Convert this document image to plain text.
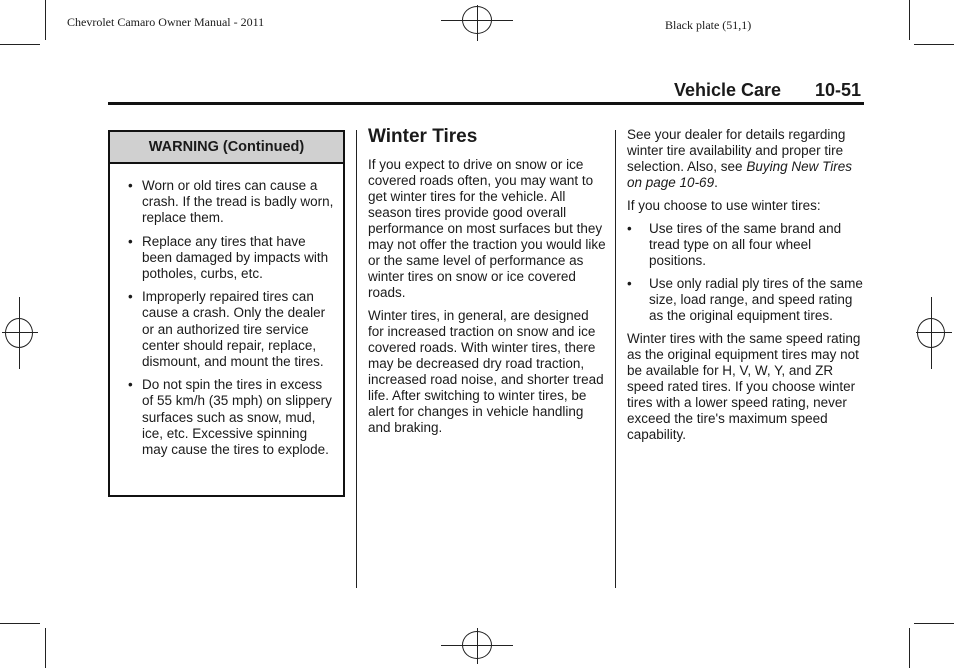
Chevrolet Camaro Owner Manual - 2011	Black plate (51,1)
Vehicle Care 10-51
WARNING (Continued)
• Worn or old tires can cause a crash. If the tread is badly worn, replace them.
• Replace any tires that have been damaged by impacts with potholes, curbs, etc.
• Improperly repaired tires can cause a crash. Only the dealer or an authorized tire service center should repair, replace, dismount, and mount the tires.
• Do not spin the tires in excess of 55 km/h (35 mph) on slippery surfaces such as snow, mud, ice, etc. Excessive spinning may cause the tires to explode.
Winter Tires

If you expect to drive on snow or ice covered roads often, you may want to get winter tires for the vehicle. All season tires provide good overall performance on most surfaces but they may not offer the traction you would like or the same level of performance as winter tires on snow or ice covered roads.

Winter tires, in general, are designed for increased traction on snow and ice covered roads. With winter tires, there may be decreased dry road traction, increased road noise, and shorter tread life. After switching to winter tires, be alert for changes in vehicle handling and braking.

See your dealer for details regarding winter tire availability and proper tire selection. Also, see Buying New Tires on page 10-69.

If you choose to use winter tires:

• Use tires of the same brand and tread type on all four wheel positions.
• Use only radial ply tires of the same size, load range, and speed rating as the original equipment tires.

Winter tires with the same speed rating as the original equipment tires may not be available for H, V, W, Y, and ZR speed rated tires. If you choose winter tires with a lower speed rating, never exceed the tire's maximum speed capability.
